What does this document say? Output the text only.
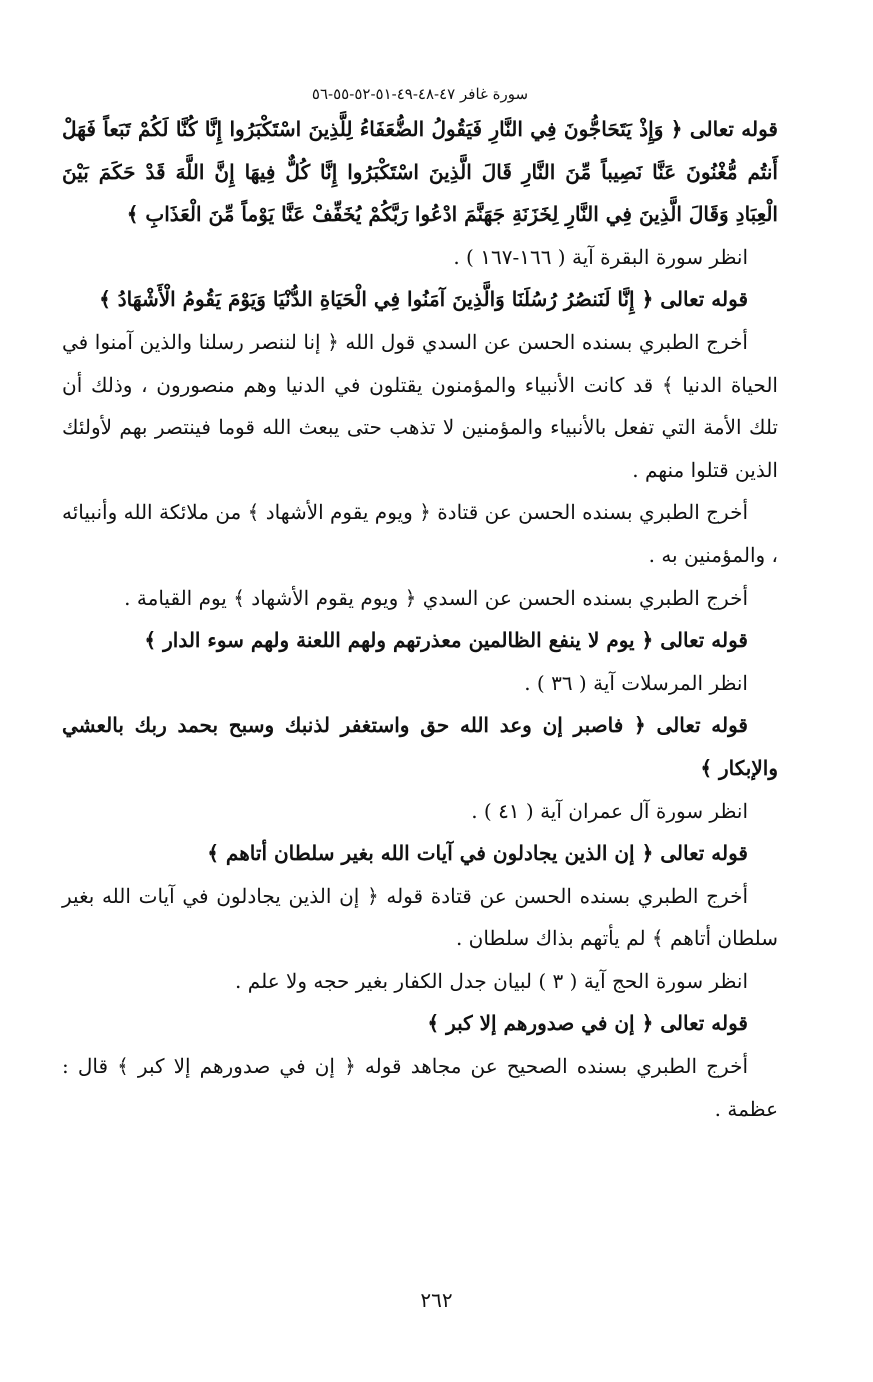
سورة غافر ٤٧-٤٨-٤٩-٥١-٥٢-٥٥-٥٦

قوله تعالى ﴿ وَإِذْ يَتَحَاجُّونَ فِي النَّارِ فَيَقُولُ الضُّعَفَاءُ لِلَّذِينَ اسْتَكْبَرُوا إِنَّا كُنَّا لَكُمْ تَبَعاً فَهَلْ أَنتُم مُّغْنُونَ عَنَّا نَصِيباً مِّنَ النَّارِ قَالَ الَّذِينَ اسْتَكْبَرُوا إِنَّا كُلٌّ فِيهَا إِنَّ اللَّهَ قَدْ حَكَمَ بَيْنَ الْعِبَادِ وَقَالَ الَّذِينَ فِي النَّارِ لِخَزَنَةِ جَهَنَّمَ ادْعُوا رَبَّكُمْ يُخَفِّفْ عَنَّا يَوْماً مِّنَ الْعَذَابِ ﴾

انظر سورة البقرة آية ( ١٦٦-١٦٧ ) .

قوله تعالى ﴿ إِنَّا لَنَنصُرُ رُسُلَنَا وَالَّذِينَ آمَنُوا فِي الْحَيَاةِ الدُّنْيَا وَيَوْمَ يَقُومُ الْأَشْهَادُ ﴾

أخرج الطبري بسنده الحسن عن السدي قول الله ﴿ إنا لننصر رسلنا والذين آمنوا في الحياة الدنيا ﴾ قد كانت الأنبياء والمؤمنون يقتلون في الدنيا وهم منصورون ، وذلك أن تلك الأمة التي تفعل بالأنبياء والمؤمنين لا تذهب حتى يبعث الله قوما فينتصر بهم لأولئك الذين قتلوا منهم .

أخرج الطبري بسنده الحسن عن قتادة ﴿ ويوم يقوم الأشهاد ﴾ من ملائكة الله وأنبيائه ، والمؤمنين به .

أخرج الطبري بسنده الحسن عن السدي ﴿ ويوم يقوم الأشهاد ﴾ يوم القيامة .

قوله تعالى ﴿ يوم لا ينفع الظالمين معذرتهم ولهم اللعنة ولهم سوء الدار ﴾

انظر المرسلات آية ( ٣٦ ) .

قوله تعالى ﴿ فاصبر إن وعد الله حق واستغفر لذنبك وسبح بحمد ربك بالعشي والإبكار ﴾

انظر سورة آل عمران آية ( ٤١ ) .

قوله تعالى ﴿ إن الذين يجادلون في آيات الله بغير سلطان أتاهم ﴾

أخرج الطبري بسنده الحسن عن قتادة قوله ﴿ إن الذين يجادلون في آيات الله بغير سلطان أتاهم ﴾ لم يأتهم بذاك سلطان .

انظر سورة الحج آية ( ٣ ) لبيان جدل الكفار بغير حجه ولا علم .

قوله تعالى ﴿ إن في صدورهم إلا كبر ﴾

أخرج الطبري بسنده الصحيح عن مجاهد قوله ﴿ إن في صدورهم إلا كبر ﴾ قال : عظمة .

٢٦٢
